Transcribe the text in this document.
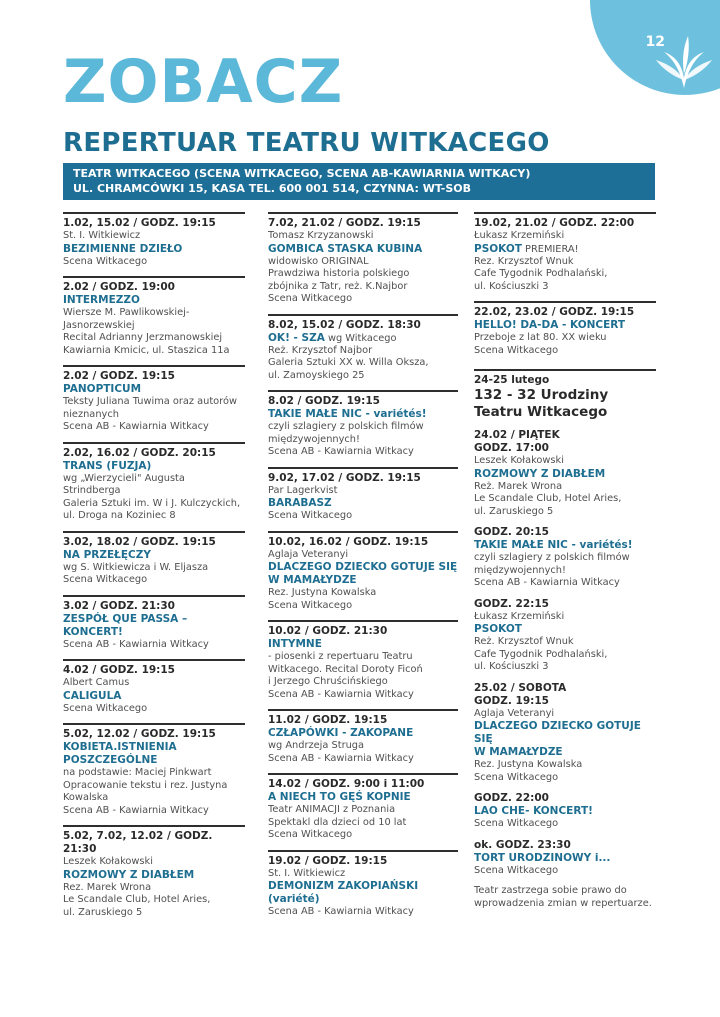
12
ZOBACZ
REPERTUAR TEATRU WITKACEGO
TEATR WITKACEGO (SCENA WITKACEGO, SCENA AB-KAWIARNIA WITKACY)
UL. CHRAMCÓWKI 15, KASA TEL. 600 001 514, CZYNNA: WT-SOB
1.02, 15.02 / GODZ. 19:15
St. I. Witkiewicz
BEZIMIENNE DZIEŁO
Scena Witkacego
2.02 / GODZ. 19:00
INTERMEZZO
Wiersze M. Pawlikowskiej-
Jasnorzewskiej
Recital Adrianny Jerzmanowskiej
Kawiarnia Kmicic, ul. Staszica 11a
2.02 / GODZ. 19:15
PANOPTICUM
Teksty Juliana Tuwima oraz autorów
nieznanych
Scena AB - Kawiarnia Witkacy
2.02, 16.02 / GODZ. 20:15
TRANS (FUZJA)
wg „Wierzycieli" Augusta Strindberga
Galeria Sztuki im. W i J. Kulczyckich,
ul. Droga na Koziniec 8
3.02, 18.02 / GODZ. 19:15
NA PRZEŁĘCZY
wg S. Witkiewicza i W. Eljasza
Scena Witkacego
3.02 / GODZ. 21:30
ZESPÓŁ QUE PASSA – KONCERT!
Scena AB - Kawiarnia Witkacy
4.02 / GODZ. 19:15
Albert Camus
CALIGULA
Scena Witkacego
5.02, 12.02 / GODZ. 19:15
KOBIETA.ISTNIENIA
POSZCZEGÓLNE
na podstawie: Maciej Pinkwart
Opracowanie tekstu i rez. Justyna
Kowalska
Scena AB - Kawiarnia Witkacy
5.02, 7.02, 12.02 / GODZ. 21:30
Leszek Kołakowski
ROZMOWY Z DIABŁEM
Rez. Marek Wrona
Le Scandale Club, Hotel Aries,
ul. Zaruskiego 5
7.02, 21.02 / GODZ. 19:15
Tomasz Krzyzanowski
GOMBICA STASKA KUBINA
widowisko ORIGINAL
Prawdziwa historia polskiego
zbójnika z Tatr, reż. K.Najbor
Scena Witkacego
8.02, 15.02 / GODZ. 18:30
OK! - SZA wg Witkacego
Reż. Krzysztof Najbor
Galeria Sztuki XX w. Willa Oksza,
ul. Zamoyskiego 25
8.02 / GODZ. 19:15
TAKIE MAŁE NIC - variétés!
czyli szlagiery z polskich filmów
międzywojennych!
Scena AB - Kawiarnia Witkacy
9.02, 17.02 / GODZ. 19:15
Par Lagerkvist
BARABASZ
Scena Witkacego
10.02, 16.02 / GODZ. 19:15
Aglaja Veteranyi
DLACZEGO DZIECKO GOTUJE SIĘ
W MAMAŁYDZE
Rez. Justyna Kowalska
Scena Witkacego
10.02 / GODZ. 21:30
INTYMNE
- piosenki z repertuaru Teatru
Witkacego. Recital Doroty Ficoń
i Jerzego Chruścińskiego
Scena AB - Kawiarnia Witkacy
11.02 / GODZ. 19:15
CZŁAPÓWKI - ZAKOPANE
wg Andrzeja Struga
Scena AB - Kawiarnia Witkacy
14.02 / GODZ. 9:00 i 11:00
A NIECH TO GĘŚ KOPNIE
Teatr ANIMACJI z Poznania
Spektakl dla dzieci od 10 lat
Scena Witkacego
19.02 / GODZ. 19:15
St. I. Witkiewicz
DEMONIZM ZAKOPIAŃSKI
(variété)
Scena AB - Kawiarnia Witkacy
19.02, 21.02 / GODZ. 22:00
Łukasz Krzemiński
PSOKOT PREMIERA!
Rez. Krzysztof Wnuk
Cafe Tygodnik Podhalański,
ul. Kościuszki 3
22.02, 23.02 / GODZ. 19:15
HELLO! DA-DA - KONCERT
Przeboje z lat 80. XX wieku
Scena Witkacego
24-25 lutego
132 - 32 Urodziny
Teatru Witkacego
24.02 / PIĄTEK
GODZ. 17:00
Leszek Kołakowski
ROZMOWY Z DIABŁEM
Reż. Marek Wrona
Le Scandale Club, Hotel Aries,
ul. Zaruskiego 5
GODZ. 20:15
TAKIE MAŁE NIC - variétés!
czyli szlagiery z polskich filmów
międzywojennych!
Scena AB - Kawiarnia Witkacy
GODZ. 22:15
Łukasz Krzemiński
PSOKOT
Reż. Krzysztof Wnuk
Cafe Tygodnik Podhalański,
ul. Kościuszki 3
25.02 / SOBOTA
GODZ. 19:15
Aglaja Veteranyi
DLACZEGO DZIECKO GOTUJE SIĘ
W MAMAŁYDZE
Rez. Justyna Kowalska
Scena Witkacego
GODZ. 22:00
LAO CHE- KONCERT!
Scena Witkacego
ok. GODZ. 23:30
TORT URODZINOWY i...
Scena Witkacego
Teatr zastrzega sobie prawo do
wprowadzenia zmian w repertuarze.
